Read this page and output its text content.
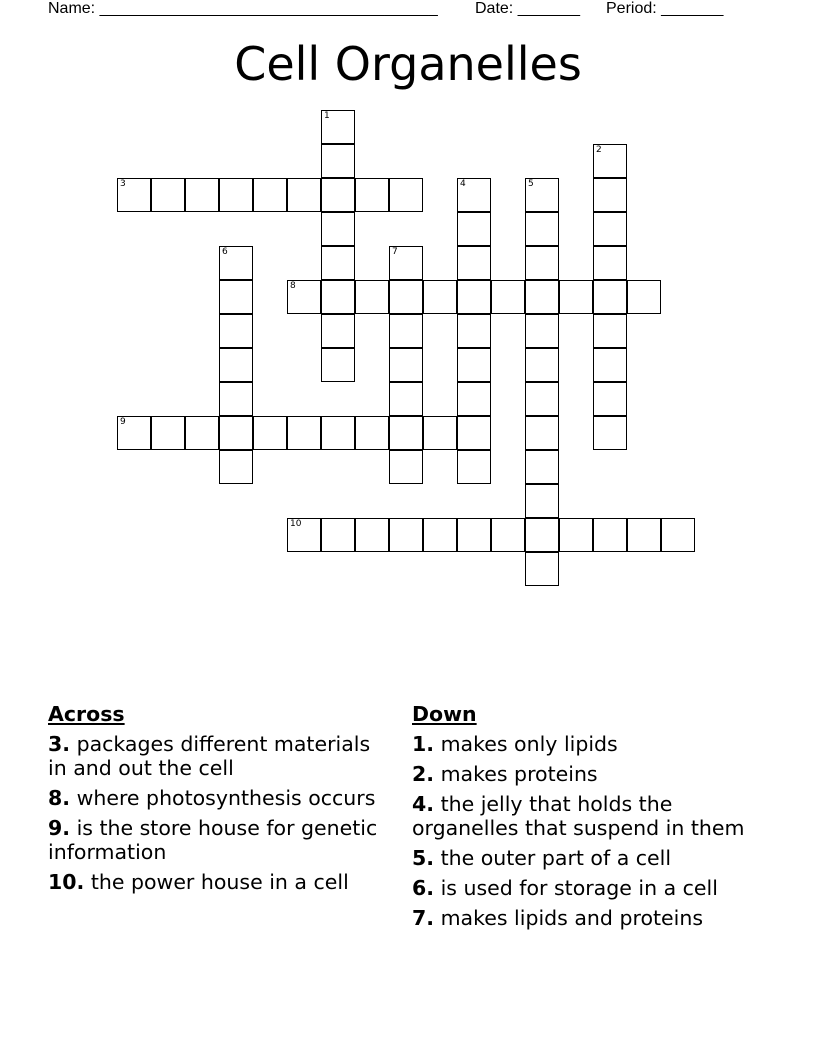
Name: ______________________________________ Date: _______ Period: _______
Cell Organelles
1
2
3	4	5
6	7
8
9
10
Across
3. packages different materials in and out the cell
8. where photosynthesis occurs
9. is the store house for genetic information
10. the power house in a cell
Down
1. makes only lipids
2. makes proteins
4. the jelly that holds the organelles that suspend in them
5. the outer part of a cell
6. is used for storage in a cell
7. makes lipids and proteins
